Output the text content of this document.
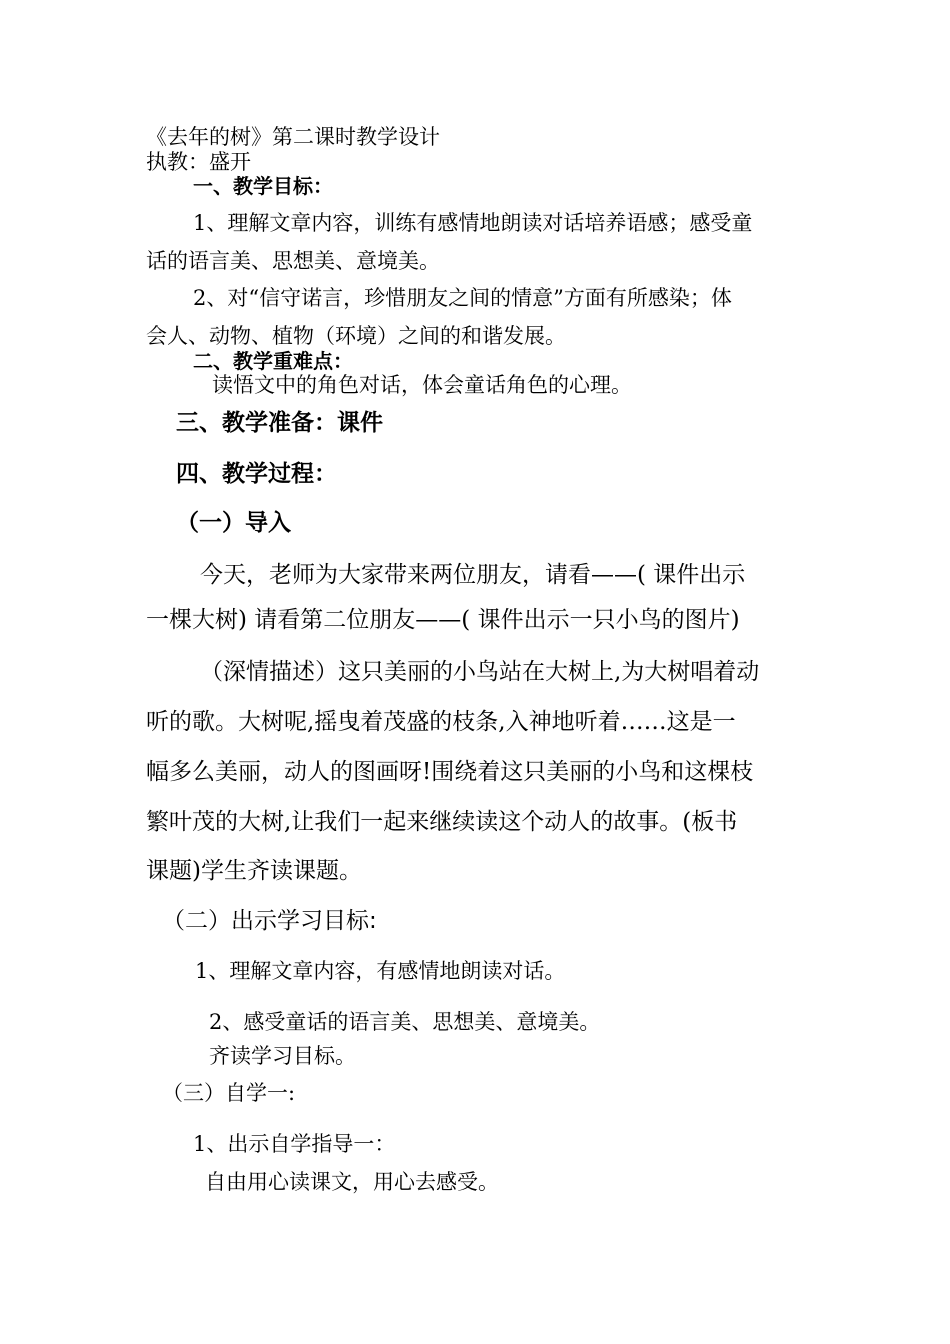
《去年的树》第二课时教学设计
执教：盛开
一、教学目标：
1、理解文章内容，训练有感情地朗读对话培养语感；感受童
话的语言美、思想美、意境美。
2、对“信守诺言，珍惜朋友之间的情意”方面有所感染；体
会人、动物、植物（环境）之间的和谐发展。
二、教学重难点：
读悟文中的角色对话，体会童话角色的心理。
三、教学准备：课件
四、教学过程：
（一）导入
今天，老师为大家带来两位朋友，请看——( 课件出示
一棵大树) 请看第二位朋友——( 课件出示一只小鸟的图片)
（深情描述）这只美丽的小鸟站在大树上,为大树唱着动
听的歌。大树呢,摇曳着茂盛的枝条,入神地听着……这是一
幅多么美丽，动人的图画呀!围绕着这只美丽的小鸟和这棵枝
繁叶茂的大树,让我们一起来继续读这个动人的故事。(板书
课题)学生齐读课题。
（二）出示学习目标:
1、理解文章内容，有感情地朗读对话。
2、感受童话的语言美、思想美、意境美。
齐读学习目标。
（三）自学一:
1、出示自学指导一：
自由用心读课文，用心去感受。
